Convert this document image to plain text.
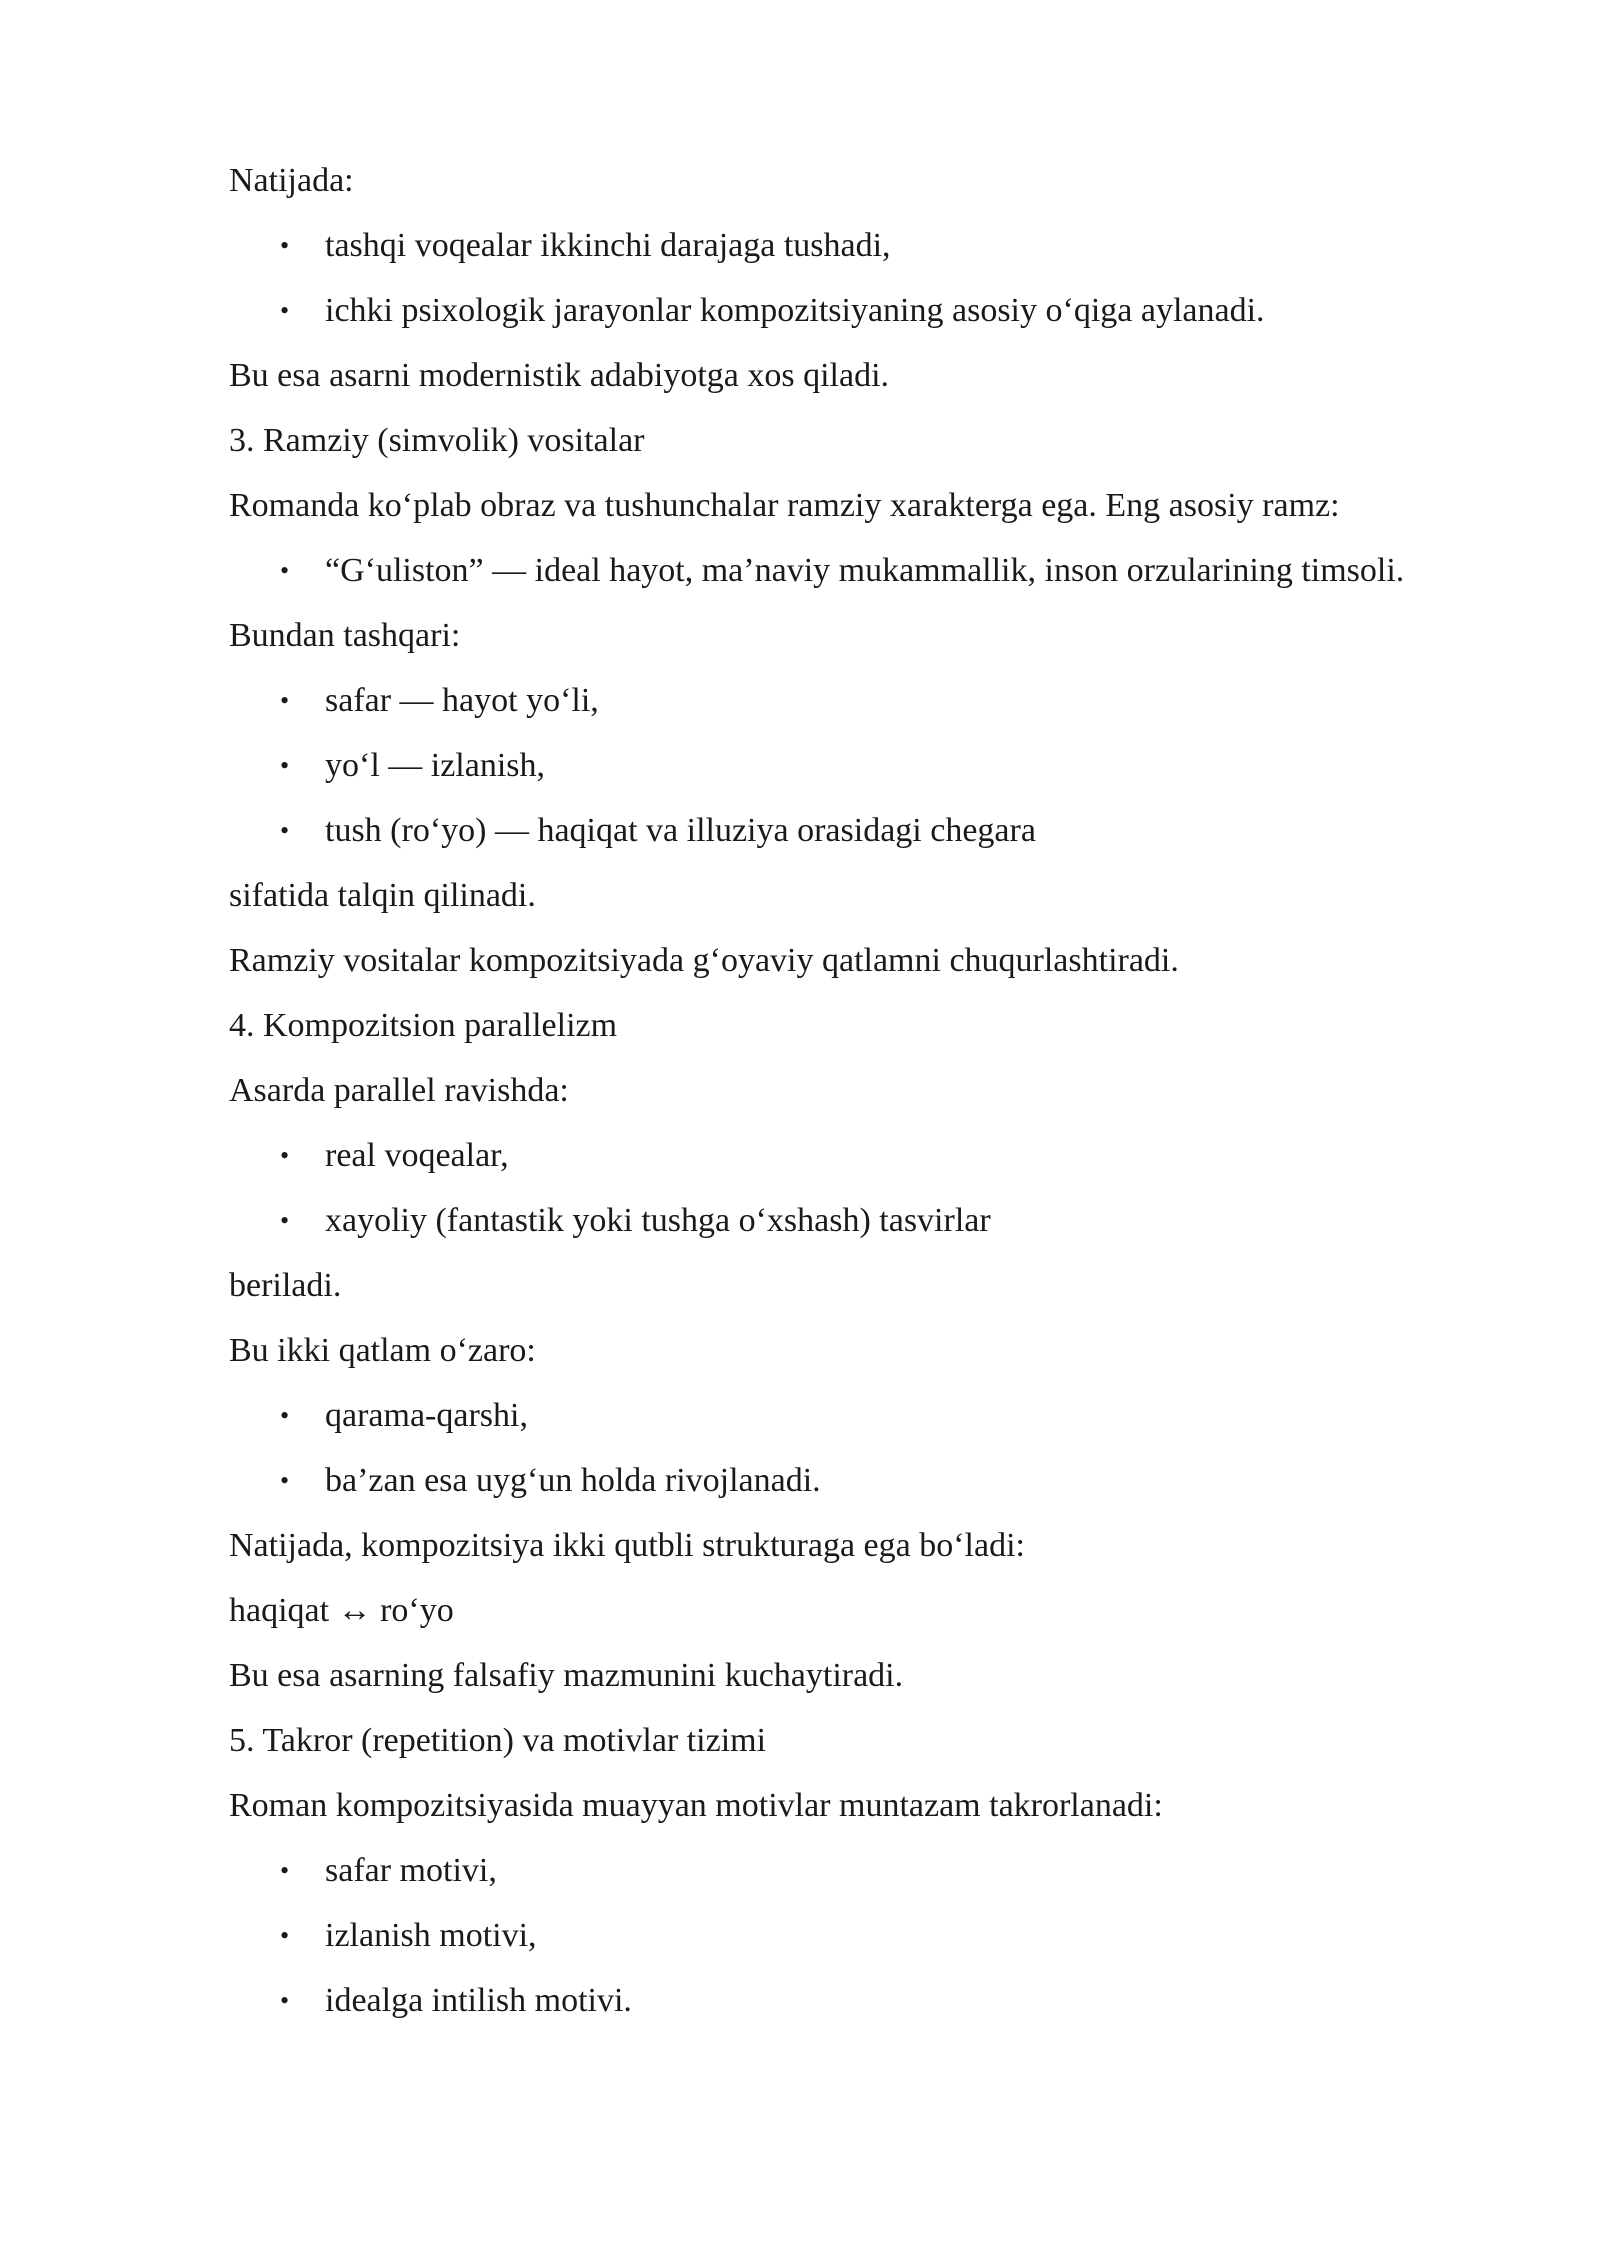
Natijada:
• tashqi voqealar ikkinchi darajaga tushadi,
• ichki psixologik jarayonlar kompozitsiyaning asosiy o‘qiga aylanadi.
Bu esa asarni modernistik adabiyotga xos qiladi.
3. Ramziy (simvolik) vositalar
Romanda ko‘plab obraz va tushunchalar ramziy xarakterga ega. Eng asosiy ramz:
• “G‘uliston” — ideal hayot, ma’naviy mukammallik, inson orzularining timsoli.
Bundan tashqari:
• safar — hayot yo‘li,
• yo‘l — izlanish,
• tush (ro‘yo) — haqiqat va illuziya orasidagi chegara
sifatida talqin qilinadi.
Ramziy vositalar kompozitsiyada g‘oyaviy qatlamni chuqurlashtiradi.
4. Kompozitsion parallelizm
Asarda parallel ravishda:
• real voqealar,
• xayoliy (fantastik yoki tushga o‘xshash) tasvirlar
beriladi.
Bu ikki qatlam o‘zaro:
• qarama-qarshi,
• ba’zan esa uyg‘un holda rivojlanadi.
Natijada, kompozitsiya ikki qutbli strukturaga ega bo‘ladi:
haqiqat ↔ ro‘yo
Bu esa asarning falsafiy mazmunini kuchaytiradi.
5. Takror (repetition) va motivlar tizimi
Roman kompozitsiyasida muayyan motivlar muntazam takrorlanadi:
• safar motivi,
• izlanish motivi,
• idealga intilish motivi.
